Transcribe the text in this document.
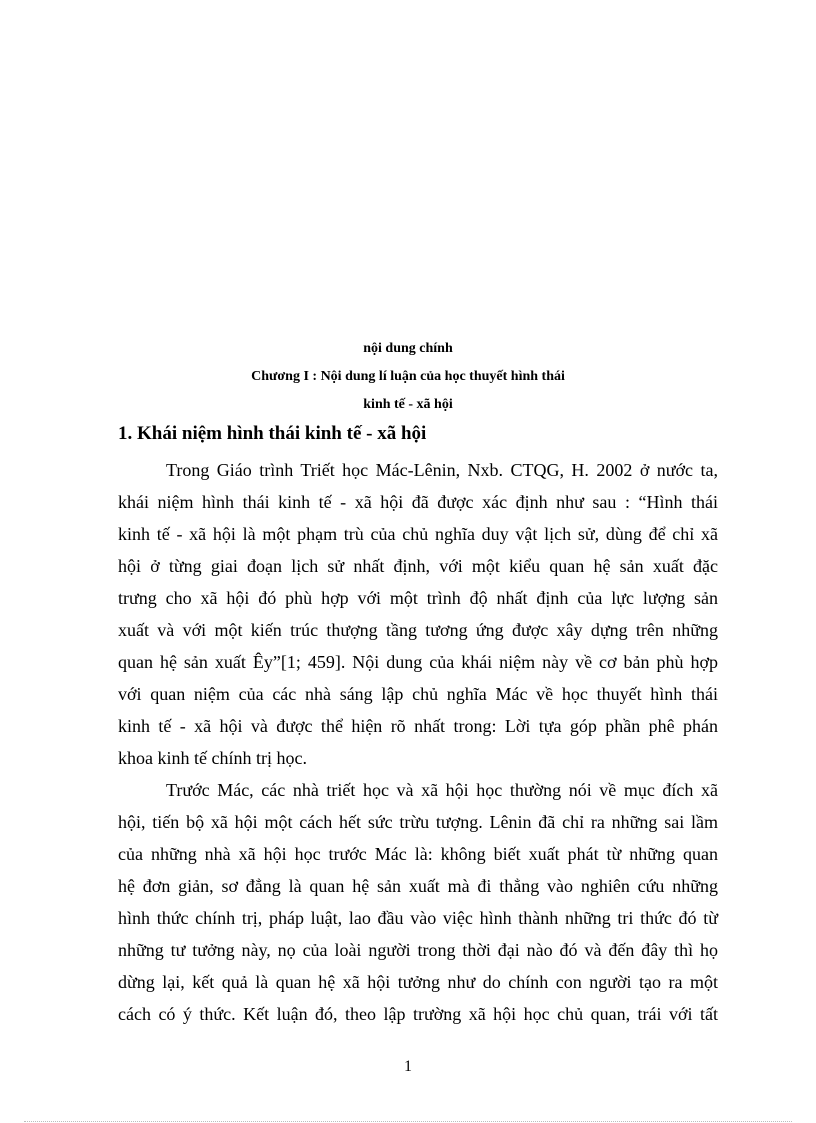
nội dung chính
Chương I : Nội dung lí luận của học thuyết hình thái
kinh tế - xã hội
1. Khái niệm hình thái kinh tế - xã hội
Trong Giáo trình Triết học Mác-Lênin, Nxb. CTQG, H. 2002 ở nước ta,
khái niệm hình thái kinh tế - xã hội đã được xác định như sau : “Hình thái
kinh tế - xã hội là một phạm trù của chủ nghĩa duy vật lịch sử, dùng để chỉ xã
hội ở từng giai đoạn lịch sử nhất định, với một kiểu quan hệ sản xuất đặc
trưng cho xã hội đó phù hợp với một trình độ nhất định của lực lượng sản
xuất và với một kiến trúc thượng tầng tương ứng được xây dựng trên những
quan hệ sản xuất Êy”[1; 459]. Nội dung của khái niệm này về cơ bản phù hợp
với quan niệm của các nhà sáng lập chủ nghĩa Mác về học thuyết hình thái
kinh tế - xã hội và được thể hiện rõ nhất trong: Lời tựa góp phần phê phán
khoa kinh tế chính trị học.
Trước Mác, các nhà triết học và xã hội học thường nói về mục đích xã
hội, tiến bộ xã hội một cách hết sức trừu tượng. Lênin đã chỉ ra những sai lầm
của những nhà xã hội học trước Mác là: không biết xuất phát từ những quan
hệ đơn giản, sơ đẳng là quan hệ sản xuất mà đi thẳng vào nghiên cứu những
hình thức chính trị, pháp luật, lao đầu vào việc hình thành những tri thức đó từ
những tư tưởng này, nọ của loài người trong thời đại nào đó và đến đây thì họ
dừng lại, kết quả là quan hệ xã hội tưởng như do chính con người tạo ra một
cách có ý thức. Kết luận đó, theo lập trường xã hội học chủ quan, trái với tất
1
